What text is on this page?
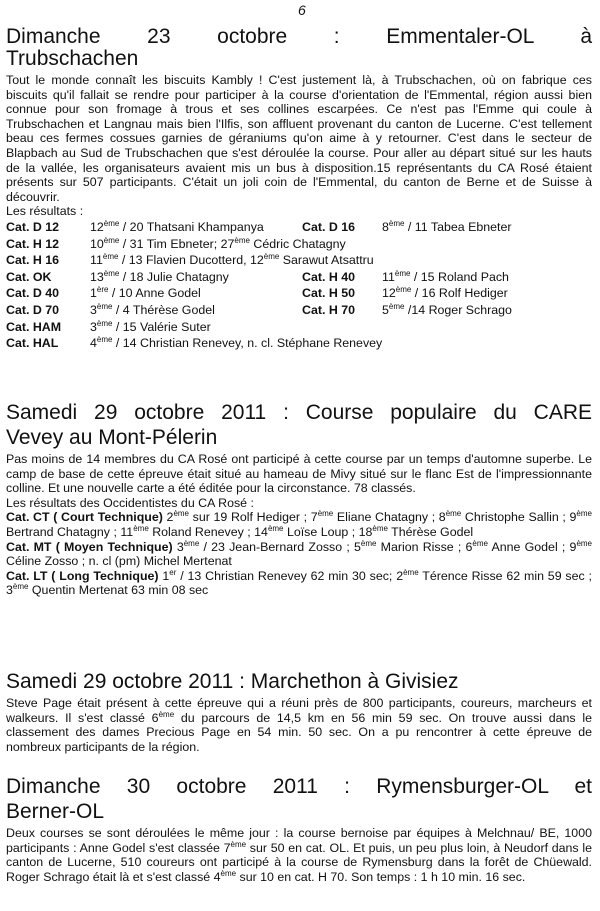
6
Dimanche 23 octobre : Emmentaler-OL à
Trubschachen

Tout le monde connaît les biscuits Kambly ! C'est justement là, à Trubschachen, où on fabrique ces biscuits qu'il fallait se rendre pour participer à la course d'orientation de l'Emmental, région aussi bien connue pour son fromage à trous et ses collines escarpées. Ce n'est pas l'Emme qui coule à Trubschachen et Langnau mais bien l'Ilfis, son affluent provenant du canton de Lucerne. C'est tellement beau ces fermes cossues garnies de géraniums qu'on aime à y retourner. C'est dans le secteur de Blapbach au Sud de Trubschachen que s'est déroulée la course. Pour aller au départ situé sur les hauts de la vallée, les organisateurs avaient mis un bus à disposition.15 représentants du CA Rosé étaient présents sur 507 participants. C'était un joli coin de l'Emmental, du canton de Berne et de Suisse à découvrir.

Les résultats :

Cat. D 12 12ème / 20 Thatsani Khampanya	Cat. D 16 8ème / 11 Tabea Ebneter
Cat. H 12 10ème / 31 Tim Ebneter; 27ème Cédric Chatagny
Cat. H 16 11ème / 13 Flavien Ducotterd, 12ème Sarawut Atsattru
Cat. OK	13ème / 18 Julie Chatagny	Cat. H 40 11ème / 15 Roland Pach
Cat. D 40 1ère / 10 Anne Godel	Cat. H 50 12ème / 16 Rolf Hediger
Cat. D 70 3ème / 4 Thérèse Godel	Cat. H 70 5ème /14 Roger Schrago
Cat. HAM 3ème / 15 Valérie Suter
Cat. HAL	4ème / 14 Christian Renevey, n. cl. Stéphane Renevey
Samedi 29 octobre 2011 : Course populaire du CARE
Vevey au Mont-Pélerin

Pas moins de 14 membres du CA Rosé ont participé à cette course par un temps d'automne superbe. Le camp de base de cette épreuve était situé au hameau de Mivy situé sur le flanc Est de l'impressionnante colline. Et une nouvelle carte a été éditée pour la circonstance. 78 classés.

Les résultats des Occidentistes du CA Rosé :

Cat. CT ( Court Technique) 2ème sur 19 Rolf Hediger ; 7ème Eliane Chatagny ; 8ème Christophe Sallin ; 9ème Bertrand Chatagny ; 11ème Roland Renevey ; 14ème Loïse Loup ; 18ème Thérèse Godel

Cat. MT ( Moyen Technique) 3ème / 23 Jean-Bernard Zosso ; 5ème Marion Risse ; 6ème Anne Godel ; 9ème Céline Zosso ; n. cl (pm) Michel Mertenat

Cat. LT ( Long Technique) 1er / 13 Christian Renevey 62 min 30 sec; 2ème Térence Risse 62 min 59 sec ; 3ème Quentin Mertenat 63 min 08 sec

Samedi 29 octobre 2011 : Marchethon à Givisiez

Steve Page était présent à cette épreuve qui a réuni près de 800 participants, coureurs, marcheurs et walkeurs. Il s'est classé 6ème du parcours de 14,5 km en 56 min 59 sec. On trouve aussi dans le classement des dames Precious Page en 54 min. 50 sec. On a pu rencontrer à cette épreuve de nombreux participants de la région.

Dimanche 30 octobre 2011 : Rymensburger-OL et
Berner-OL

Deux courses se sont déroulées le même jour : la course bernoise par équipes à Melchnau/ BE, 1000 participants : Anne Godel s'est classée 7ème sur 50 en cat. OL. Et puis, un peu plus loin, à Neudorf dans le canton de Lucerne, 510 coureurs ont participé à la course de Rymensburg dans la forêt de Chüewald. Roger Schrago était là et s'est classé 4ème sur 10 en cat. H 70. Son temps : 1 h 10 min. 16 sec.
